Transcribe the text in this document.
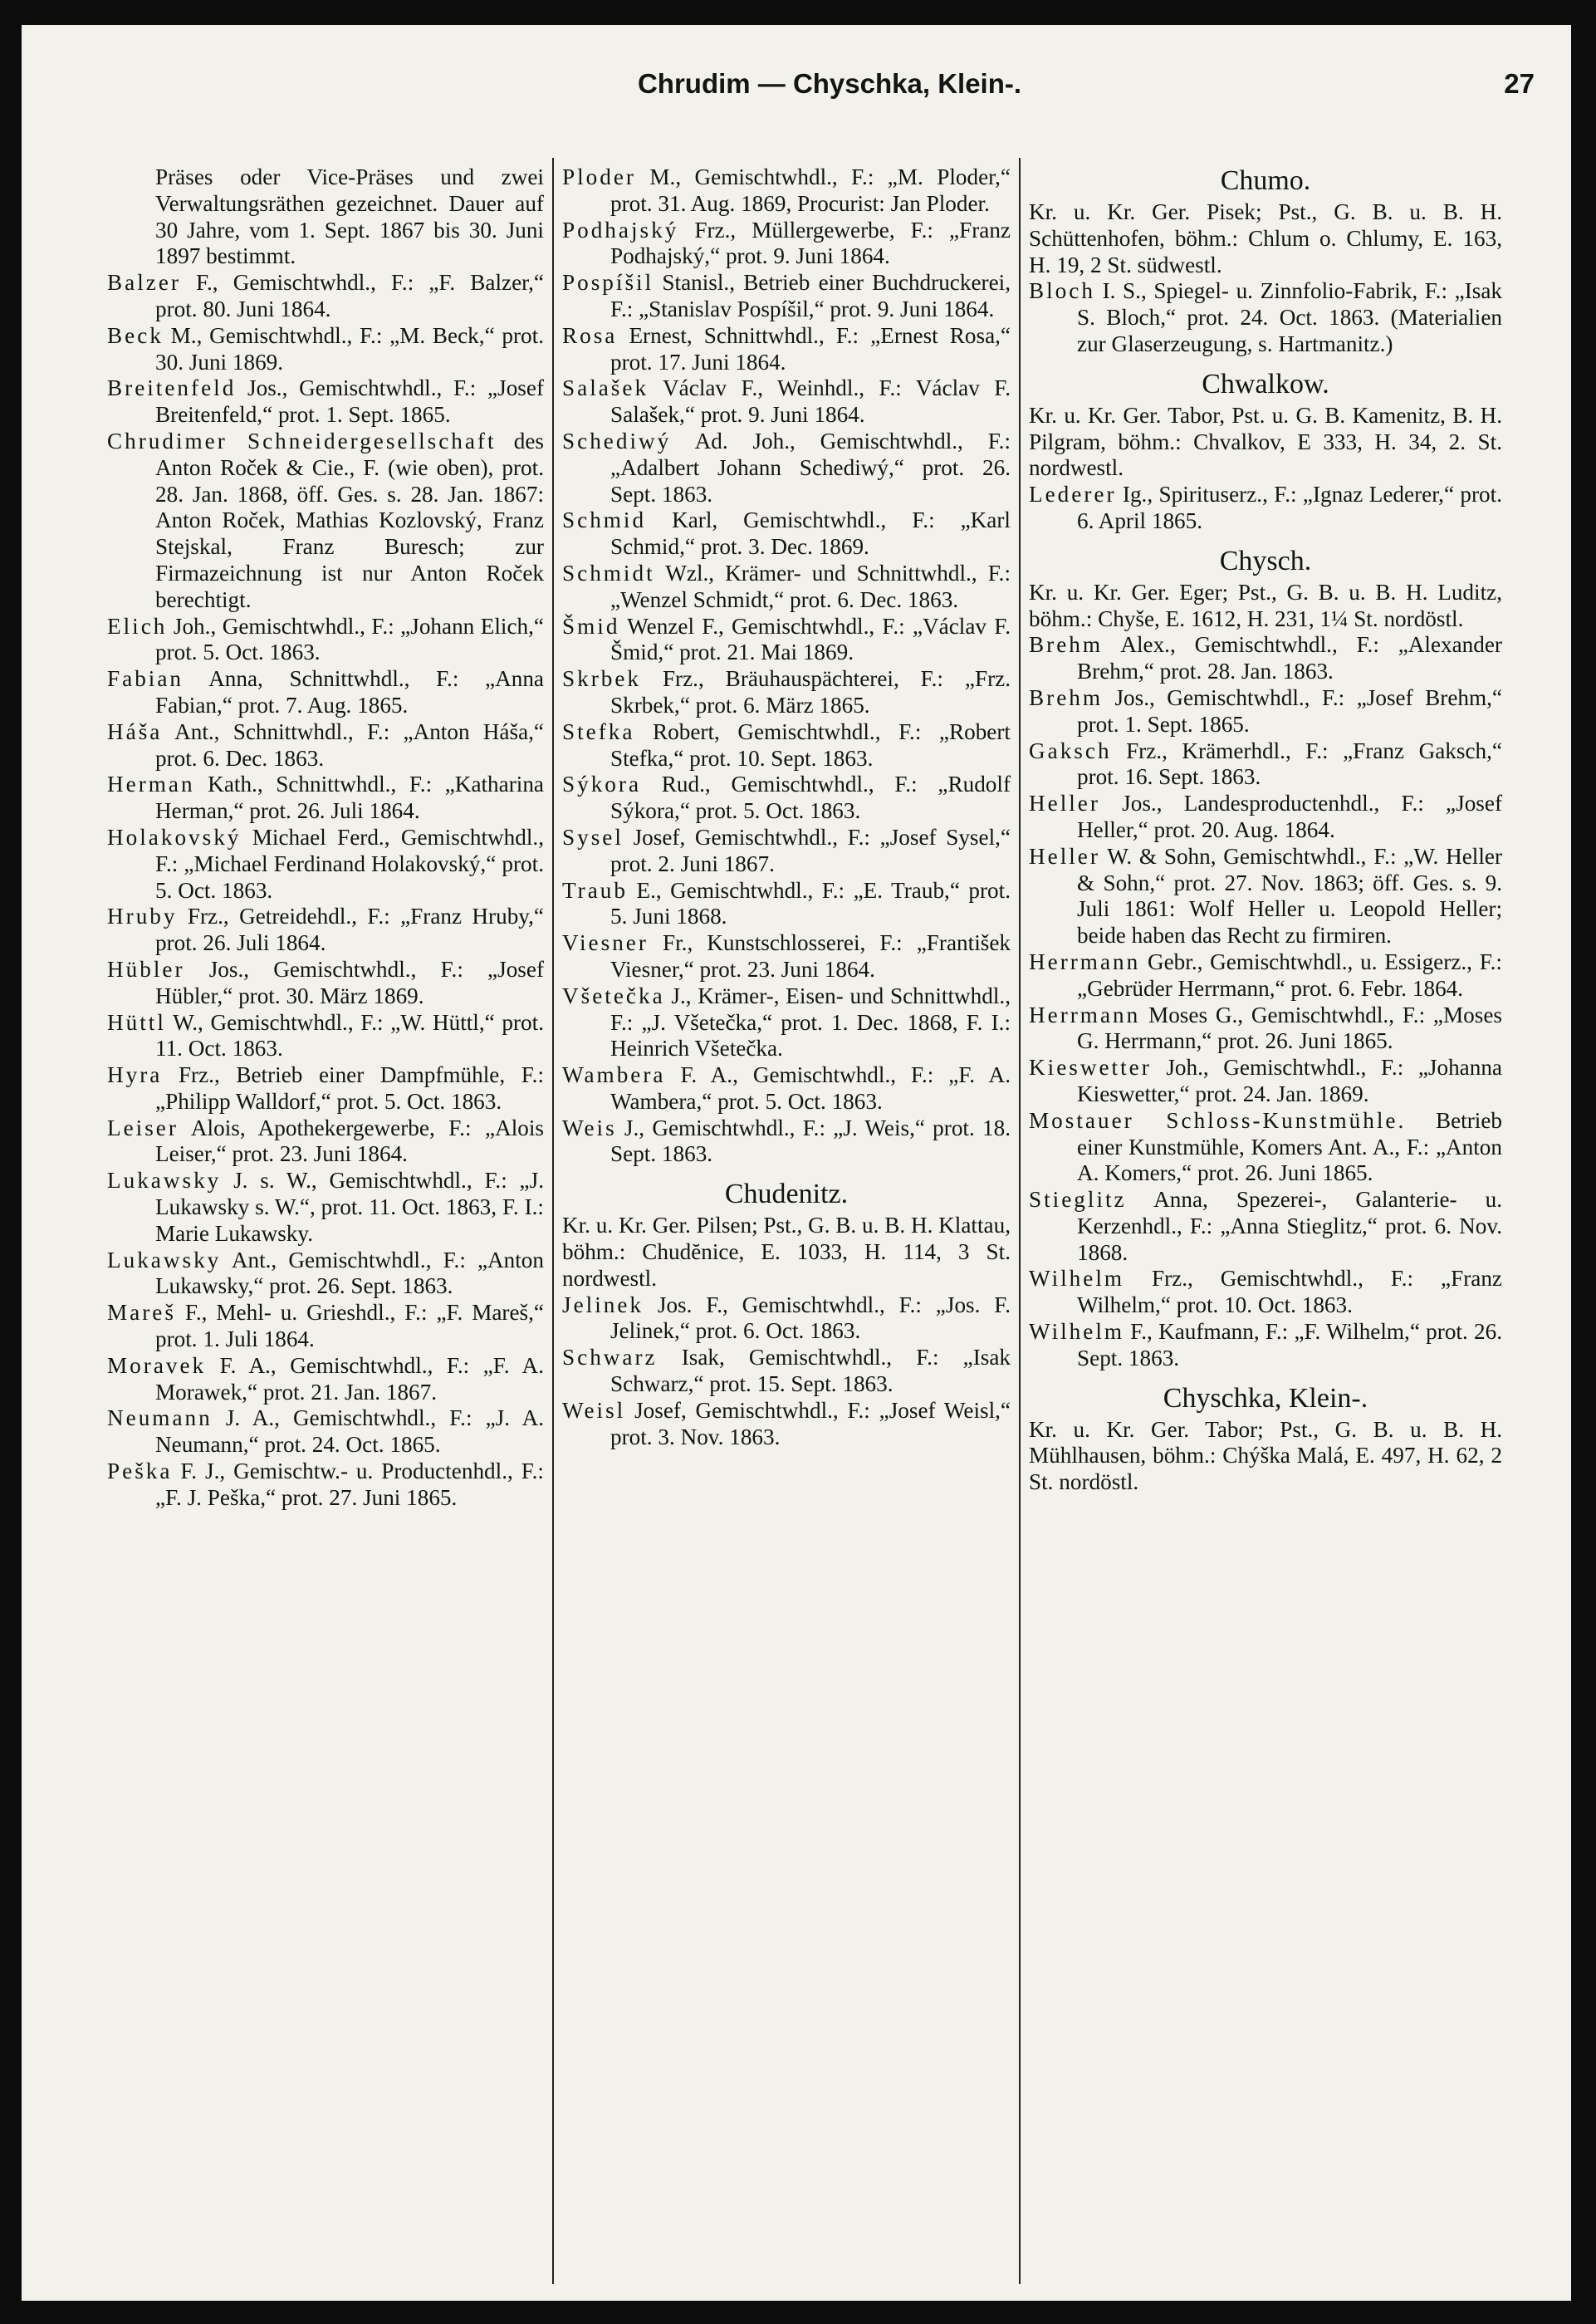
Chrudim — Chyschka, Klein-.	27

Präses oder Vice-Präses und zwei Verwaltungsräthen gezeichnet. Dauer auf 30 Jahre, vom 1. Sept. 1867 bis 30. Juni 1897 bestimmt.

Balzer F., Gemischtwhdl., F.: „F. Balzer,“ prot. 80. Juni 1864.

Beck M., Gemischtwhdl., F.: „M. Beck,“ prot. 30. Juni 1869.

Breitenfeld Jos., Gemischtwhdl., F.: „Josef Breitenfeld,“ prot. 1. Sept. 1865.

Chrudimer Schneidergesellschaft des Anton Roček & Cie., F. (wie oben), prot. 28. Jan. 1868, öff. Ges. s. 28. Jan. 1867: Anton Roček, Mathias Kozlovský, Franz Stejskal, Franz Buresch; zur Firmazeichnung ist nur Anton Roček berechtigt.

Elich Joh., Gemischtwhdl., F.: „Johann Elich,“ prot. 5. Oct. 1863.

Fabian Anna, Schnittwhdl., F.: „Anna Fabian,“ prot. 7. Aug. 1865.

Háša Ant., Schnittwhdl., F.: „Anton Háša,“ prot. 6. Dec. 1863.

Herman Kath., Schnittwhdl., F.: „Katharina Herman,“ prot. 26. Juli 1864.

Holakovský Michael Ferd., Gemischtwhdl., F.: „Michael Ferdinand Holakovský,“ prot. 5. Oct. 1863.

Hruby Frz., Getreidehdl., F.: „Franz Hruby,“ prot. 26. Juli 1864.

Hübler Jos., Gemischtwhdl., F.: „Josef Hübler,“ prot. 30. März 1869.

Hüttl W., Gemischtwhdl., F.: „W. Hüttl,“ prot. 11. Oct. 1863.

Hyra Frz., Betrieb einer Dampfmühle, F.: „Philipp Walldorf,“ prot. 5. Oct. 1863.

Leiser Alois, Apothekergewerbe, F.: „Alois Leiser,“ prot. 23. Juni 1864.

Lukawsky J. s. W., Gemischtwhdl., F.: „J. Lukawsky s. W.“, prot. 11. Oct. 1863, F. I.: Marie Lukawsky.

Lukawsky Ant., Gemischtwhdl., F.: „Anton Lukawsky,“ prot. 26. Sept. 1863.

Mareš F., Mehl- u. Grieshdl., F.: „F. Mareš,“ prot. 1. Juli 1864.

Moravek F. A., Gemischtwhdl., F.: „F. A. Morawek,“ prot. 21. Jan. 1867.

Neumann J. A., Gemischtwhdl., F.: „J. A. Neumann,“ prot. 24. Oct. 1865.

Peška F. J., Gemischtw.- u. Productenhdl., F.: „F. J. Peška,“ prot. 27. Juni 1865.

Ploder M., Gemischtwhdl., F.: „M. Ploder,“ prot. 31. Aug. 1869, Procurist: Jan Ploder.

Podhajský Frz., Müllergewerbe, F.: „Franz Podhajský,“ prot. 9. Juni 1864.

Pospíšil Stanisl., Betrieb einer Buchdruckerei, F.: „Stanislav Pospíšil,“ prot. 9. Juni 1864.

Rosa Ernest, Schnittwhdl., F.: „Ernest Rosa,“ prot. 17. Juni 1864.

Salašek Václav F., Weinhdl., F.: Václav F. Salašek,“ prot. 9. Juni 1864.

Schediwý Ad. Joh., Gemischtwhdl., F.: „Adalbert Johann Schediwý,“ prot. 26. Sept. 1863.

Schmid Karl, Gemischtwhdl., F.: „Karl Schmid,“ prot. 3. Dec. 1869.

Schmidt Wzl., Krämer- und Schnittwhdl., F.: „Wenzel Schmidt,“ prot. 6. Dec. 1863.

Šmid Wenzel F., Gemischtwhdl., F.: „Václav F. Šmid,“ prot. 21. Mai 1869.

Skrbek Frz., Bräuhauspächterei, F.: „Frz. Skrbek,“ prot. 6. März 1865.

Stefka Robert, Gemischtwhdl., F.: „Robert Stefka,“ prot. 10. Sept. 1863.

Sýkora Rud., Gemischtwhdl., F.: „Rudolf Sýkora,“ prot. 5. Oct. 1863.

Sysel Josef, Gemischtwhdl., F.: „Josef Sysel,“ prot. 2. Juni 1867.

Traub E., Gemischtwhdl., F.: „E. Traub,“ prot. 5. Juni 1868.

Viesner Fr., Kunstschlosserei, F.: „František Viesner,“ prot. 23. Juni 1864.

Všetečka J., Krämer-, Eisen- und Schnittwhdl., F.: „J. Všetečka,“ prot. 1. Dec. 1868, F. I.: Heinrich Všetečka.

Wambera F. A., Gemischtwhdl., F.: „F. A. Wambera,“ prot. 5. Oct. 1863.

Weis J., Gemischtwhdl., F.: „J. Weis,“ prot. 18. Sept. 1863.

Chudenitz.

Kr. u. Kr. Ger. Pilsen; Pst., G. B. u. B. H. Klattau, böhm.: Chudĕnice, E. 1033, H. 114, 3 St. nordwestl.

Jelinek Jos. F., Gemischtwhdl., F.: „Jos. F. Jelinek,“ prot. 6. Oct. 1863.

Schwarz Isak, Gemischtwhdl., F.: „Isak Schwarz,“ prot. 15. Sept. 1863.

Weisl Josef, Gemischtwhdl., F.: „Josef Weisl,“ prot. 3. Nov. 1863.

Chumo.

Kr. u. Kr. Ger. Pisek; Pst., G. B. u. B. H. Schüttenhofen, böhm.: Chlum o. Chlumy, E. 163, H. 19, 2 St. südwestl.

Bloch I. S., Spiegel- u. Zinnfolio-Fabrik, F.: „Isak S. Bloch,“ prot. 24. Oct. 1863. (Materialien zur Glaserzeugung, s. Hartmanitz.)

Chwalkow.

Kr. u. Kr. Ger. Tabor, Pst. u. G. B. Kamenitz, B. H. Pilgram, böhm.: Chvalkov, E 333, H. 34, 2. St. nordwestl.

Lederer Ig., Spirituserz., F.: „Ignaz Lederer,“ prot. 6. April 1865.

Chysch.

Kr. u. Kr. Ger. Eger; Pst., G. B. u. B. H. Luditz, böhm.: Chyše, E. 1612, H. 231, 1¼ St. nordöstl.

Brehm Alex., Gemischtwhdl., F.: „Alexander Brehm,“ prot. 28. Jan. 1863.

Brehm Jos., Gemischtwhdl., F.: „Josef Brehm,“ prot. 1. Sept. 1865.

Gaksch Frz., Krämerhdl., F.: „Franz Gaksch,“ prot. 16. Sept. 1863.

Heller Jos., Landesproductenhdl., F.: „Josef Heller,“ prot. 20. Aug. 1864.

Heller W. & Sohn, Gemischtwhdl., F.: „W. Heller & Sohn,“ prot. 27. Nov. 1863; öff. Ges. s. 9. Juli 1861: Wolf Heller u. Leopold Heller; beide haben das Recht zu firmiren.

Herrmann Gebr., Gemischtwhdl., u. Essigerz., F.: „Gebrüder Herrmann,“ prot. 6. Febr. 1864.

Herrmann Moses G., Gemischtwhdl., F.: „Moses G. Herrmann,“ prot. 26. Juni 1865.

Kieswetter Joh., Gemischtwhdl., F.: „Johanna Kieswetter,“ prot. 24. Jan. 1869.

Mostauer Schloss-Kunstmühle. Betrieb einer Kunstmühle, Komers Ant. A., F.: „Anton A. Komers,“ prot. 26. Juni 1865.

Stieglitz Anna, Spezerei-, Galanterie- u. Kerzenhdl., F.: „Anna Stieglitz,“ prot. 6. Nov. 1868.

Wilhelm Frz., Gemischtwhdl., F.: „Franz Wilhelm,“ prot. 10. Oct. 1863.

Wilhelm F., Kaufmann, F.: „F. Wilhelm,“ prot. 26. Sept. 1863.

Chyschka, Klein-.

Kr. u. Kr. Ger. Tabor; Pst., G. B. u. B. H. Mühlhausen, böhm.: Chýška Malá, E. 497, H. 62, 2 St. nordöstl.
